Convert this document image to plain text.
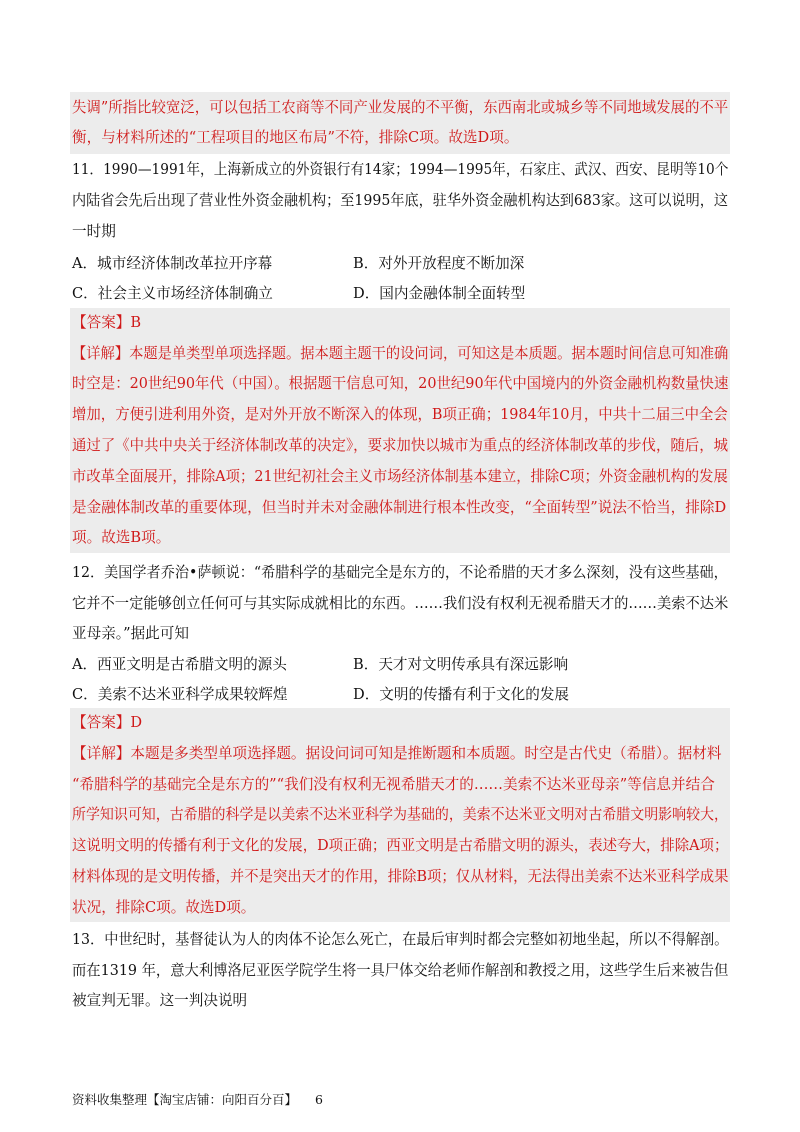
失调”所指比较宽泛，可以包括工农商等不同产业发展的不平衡，东西南北或城乡等不同地域发展的不平
衡，与材料所述的“工程项目的地区布局”不符，排除C项。故选D项。
11．1990—1991年，上海新成立的外资银行有14家；1994—1995年，石家庄、武汉、西安、昆明等10个
内陆省会先后出现了营业性外资金融机构；至1995年底，驻华外资金融机构达到683家。这可以说明，这
一时期
A．城市经济体制改革拉开序幕	B．对外开放程度不断加深
C．社会主义市场经济体制确立	D．国内金融体制全面转型
【答案】B
【详解】本题是单类型单项选择题。据本题主题干的设问词，可知这是本质题。据本题时间信息可知准确
时空是：20世纪90年代（中国）。根据题干信息可知，20世纪90年代中国境内的外资金融机构数量快速
增加，方便引进利用外资，是对外开放不断深入的体现，B项正确；1984年10月，中共十二届三中全会
通过了《中共中央关于经济体制改革的决定》，要求加快以城市为重点的经济体制改革的步伐，随后，城
市改革全面展开，排除A项；21世纪初社会主义市场经济体制基本建立，排除C项；外资金融机构的发展
是金融体制改革的重要体现，但当时并未对金融体制进行根本性改变，“全面转型”说法不恰当，排除D
项。故选B项。
12．美国学者乔治•萨顿说：“希腊科学的基础完全是东方的，不论希腊的天才多么深刻，没有这些基础，
它并不一定能够创立任何可与其实际成就相比的东西。……我们没有权利无视希腊天才的……美索不达米
亚母亲。”据此可知
A．西亚文明是古希腊文明的源头	B．天才对文明传承具有深远影响
C．美索不达米亚科学成果较辉煌	D．文明的传播有利于文化的发展
【答案】D
【详解】本题是多类型单项选择题。据设问词可知是推断题和本质题。时空是古代史（希腊）。据材料
“希腊科学的基础完全是东方的”“我们没有权利无视希腊天才的……美索不达米亚母亲”等信息并结合
所学知识可知，古希腊的科学是以美索不达米亚科学为基础的，美索不达米亚文明对古希腊文明影响较大，
这说明文明的传播有利于文化的发展，D项正确；西亚文明是古希腊文明的源头，表述夸大，排除A项；
材料体现的是文明传播，并不是突出天才的作用，排除B项；仅从材料，无法得出美索不达米亚科学成果
状况，排除C项。故选D项。
13．中世纪时，基督徒认为人的肉体不论怎么死亡，在最后审判时都会完整如初地坐起，所以不得解剖。
而在1319 年，意大利博洛尼亚医学院学生将一具尸体交给老师作解剖和教授之用，这些学生后来被告但
被宣判无罪。这一判决说明
资料收集整理【淘宝店铺：向阳百分百】 6
